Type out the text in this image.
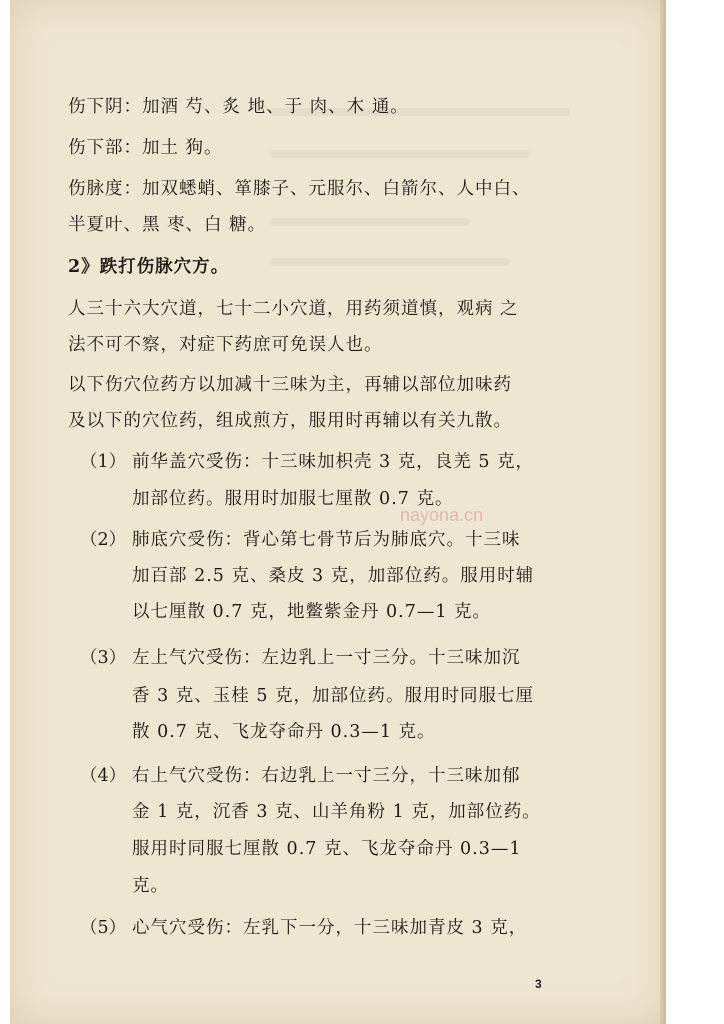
伤下阴：加酒 芍、炙 地、于 肉、木 通。
伤下部：加土 狗。
伤脉度：加双蟋蛸、箪膝子、元服尔、白箭尔、人中白、
半夏叶、黑 枣、白 糖。
2》跌打伤脉穴方。
人三十六大穴道，七十二小穴道，用药须道慎，观病 之
法不可不察，对症下药庶可免误人也。
以下伤穴位药方以加减十三味为主，再辅以部位加味药
及以下的穴位药，组成煎方，服用时再辅以有关九散。
（1） 前华盖穴受伤：十三味加枳壳 3 克，良羌 5 克，
加部位药。服用时加服七厘散 0.7 克。
（2） 肺底穴受伤：背心第七骨节后为肺底穴。十三味
加百部 2.5 克、桑皮 3 克，加部位药。服用时辅
以七厘散 0.7 克，地鳖紫金丹 0.7—1 克。
（3） 左上气穴受伤：左边乳上一寸三分。十三味加沉
香 3 克、玉桂 5 克，加部位药。服用时同服七厘
散 0.7 克、飞龙夺命丹 0.3—1 克。
（4） 右上气穴受伤：右边乳上一寸三分，十三味加郁
金 1 克，沉香 3 克、山羊角粉 1 克，加部位药。
服用时同服七厘散 0.7 克、飞龙夺命丹 0.3—1
克。
（5） 心气穴受伤：左乳下一分，十三味加青皮 3 克，
nayona.cn
3
